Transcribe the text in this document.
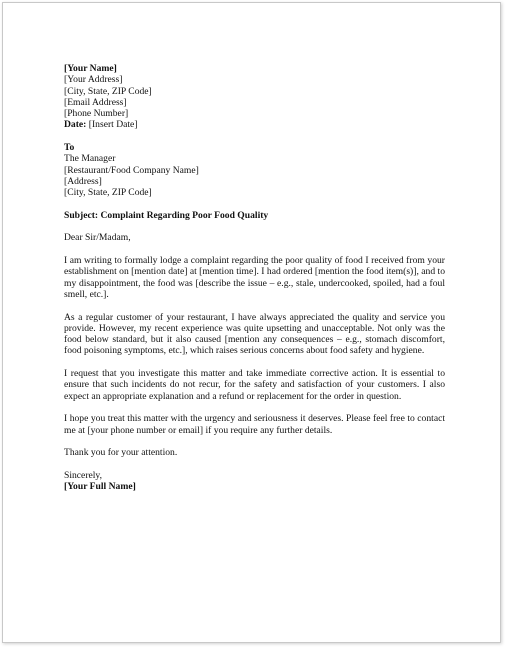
[Your Name]
[Your Address]
[City, State, ZIP Code]
[Email Address]
[Phone Number]
Date: [Insert Date]
To
The Manager
[Restaurant/Food Company Name]
[Address]
[City, State, ZIP Code]
Subject: Complaint Regarding Poor Food Quality
Dear Sir/Madam,

I am writing to formally lodge a complaint regarding the poor quality of food I received from your establishment on [mention date] at [mention time]. I had ordered [mention the food item(s)], and to my disappointment, the food was [describe the issue – e.g., stale, undercooked, spoiled, had a foul smell, etc.].

As a regular customer of your restaurant, I have always appreciated the quality and service you provide. However, my recent experience was quite upsetting and unacceptable. Not only was the food below standard, but it also caused [mention any consequences – e.g., stomach discomfort, food poisoning symptoms, etc.], which raises serious concerns about food safety and hygiene.

I request that you investigate this matter and take immediate corrective action. It is essential to ensure that such incidents do not recur, for the safety and satisfaction of your customers. I also expect an appropriate explanation and a refund or replacement for the order in question.

I hope you treat this matter with the urgency and seriousness it deserves. Please feel free to contact me at [your phone number or email] if you require any further details.

Thank you for your attention.

Sincerely,
[Your Full Name]
